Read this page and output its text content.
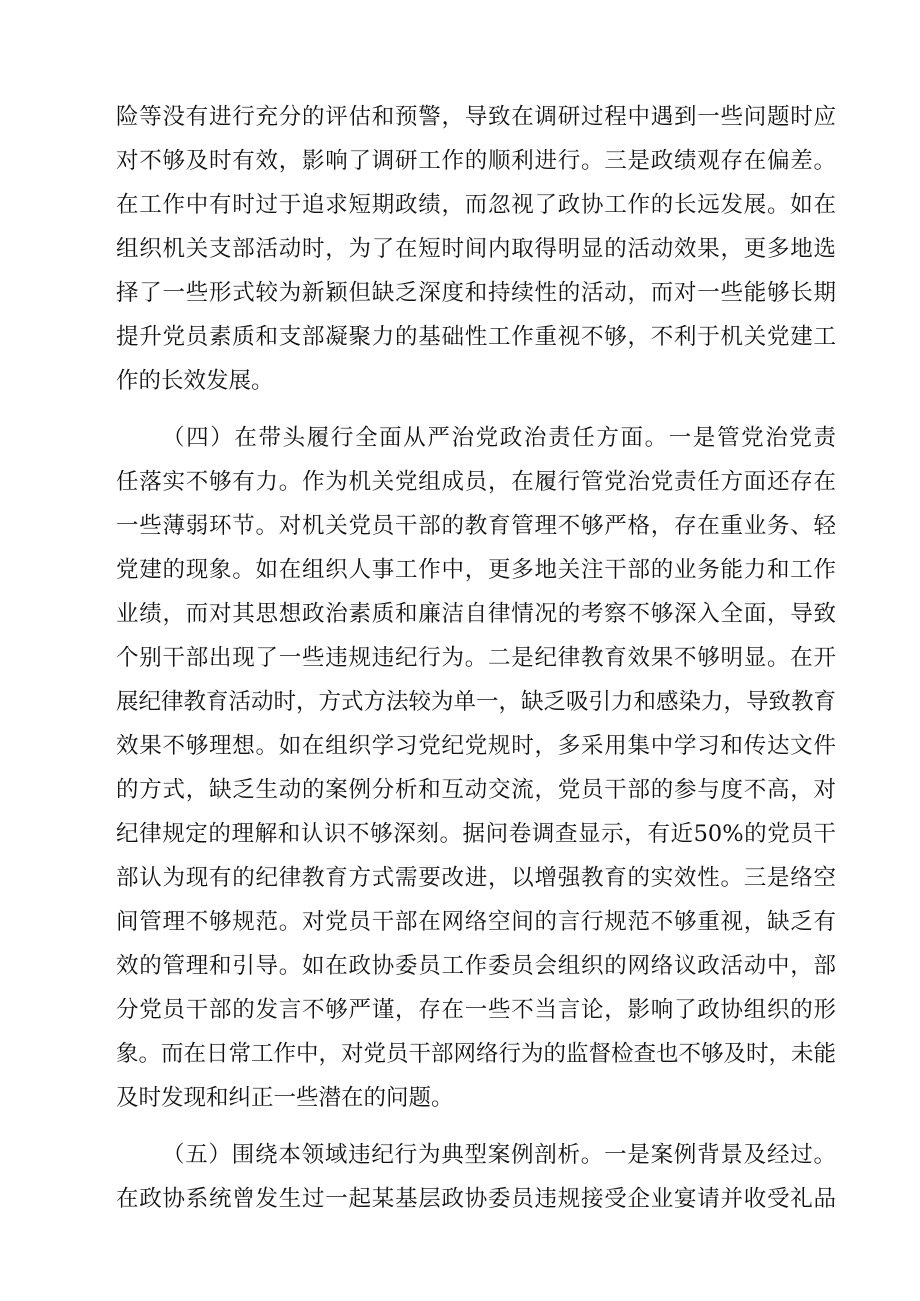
险等没有进行充分的评估和预警，导致在调研过程中遇到一些问题时应
对不够及时有效，影响了调研工作的顺利进行。三是政绩观存在偏差。
在工作中有时过于追求短期政绩，而忽视了政协工作的长远发展。如在
组织机关支部活动时，为了在短时间内取得明显的活动效果，更多地选
择了一些形式较为新颖但缺乏深度和持续性的活动，而对一些能够长期
提升党员素质和支部凝聚力的基础性工作重视不够，不利于机关党建工
作的长效发展。
（四）在带头履行全面从严治党政治责任方面。一是管党治党责
任落实不够有力。作为机关党组成员，在履行管党治党责任方面还存在
一些薄弱环节。对机关党员干部的教育管理不够严格，存在重业务、轻
党建的现象。如在组织人事工作中，更多地关注干部的业务能力和工作
业绩，而对其思想政治素质和廉洁自律情况的考察不够深入全面，导致
个别干部出现了一些违规违纪行为。二是纪律教育效果不够明显。在开
展纪律教育活动时，方式方法较为单一，缺乏吸引力和感染力，导致教育
效果不够理想。如在组织学习党纪党规时，多采用集中学习和传达文件
的方式，缺乏生动的案例分析和互动交流，党员干部的参与度不高，对
纪律规定的理解和认识不够深刻。据问卷调查显示，有近50%的党员干
部认为现有的纪律教育方式需要改进，以增强教育的实效性。三是络空
间管理不够规范。对党员干部在网络空间的言行规范不够重视，缺乏有
效的管理和引导。如在政协委员工作委员会组织的网络议政活动中，部
分党员干部的发言不够严谨，存在一些不当言论，影响了政协组织的形
象。而在日常工作中，对党员干部网络行为的监督检查也不够及时，未能
及时发现和纠正一些潜在的问题。
（五）围绕本领域违纪行为典型案例剖析。一是案例背景及经过。
在政协系统曾发生过一起某基层政协委员违规接受企业宴请并收受礼品
